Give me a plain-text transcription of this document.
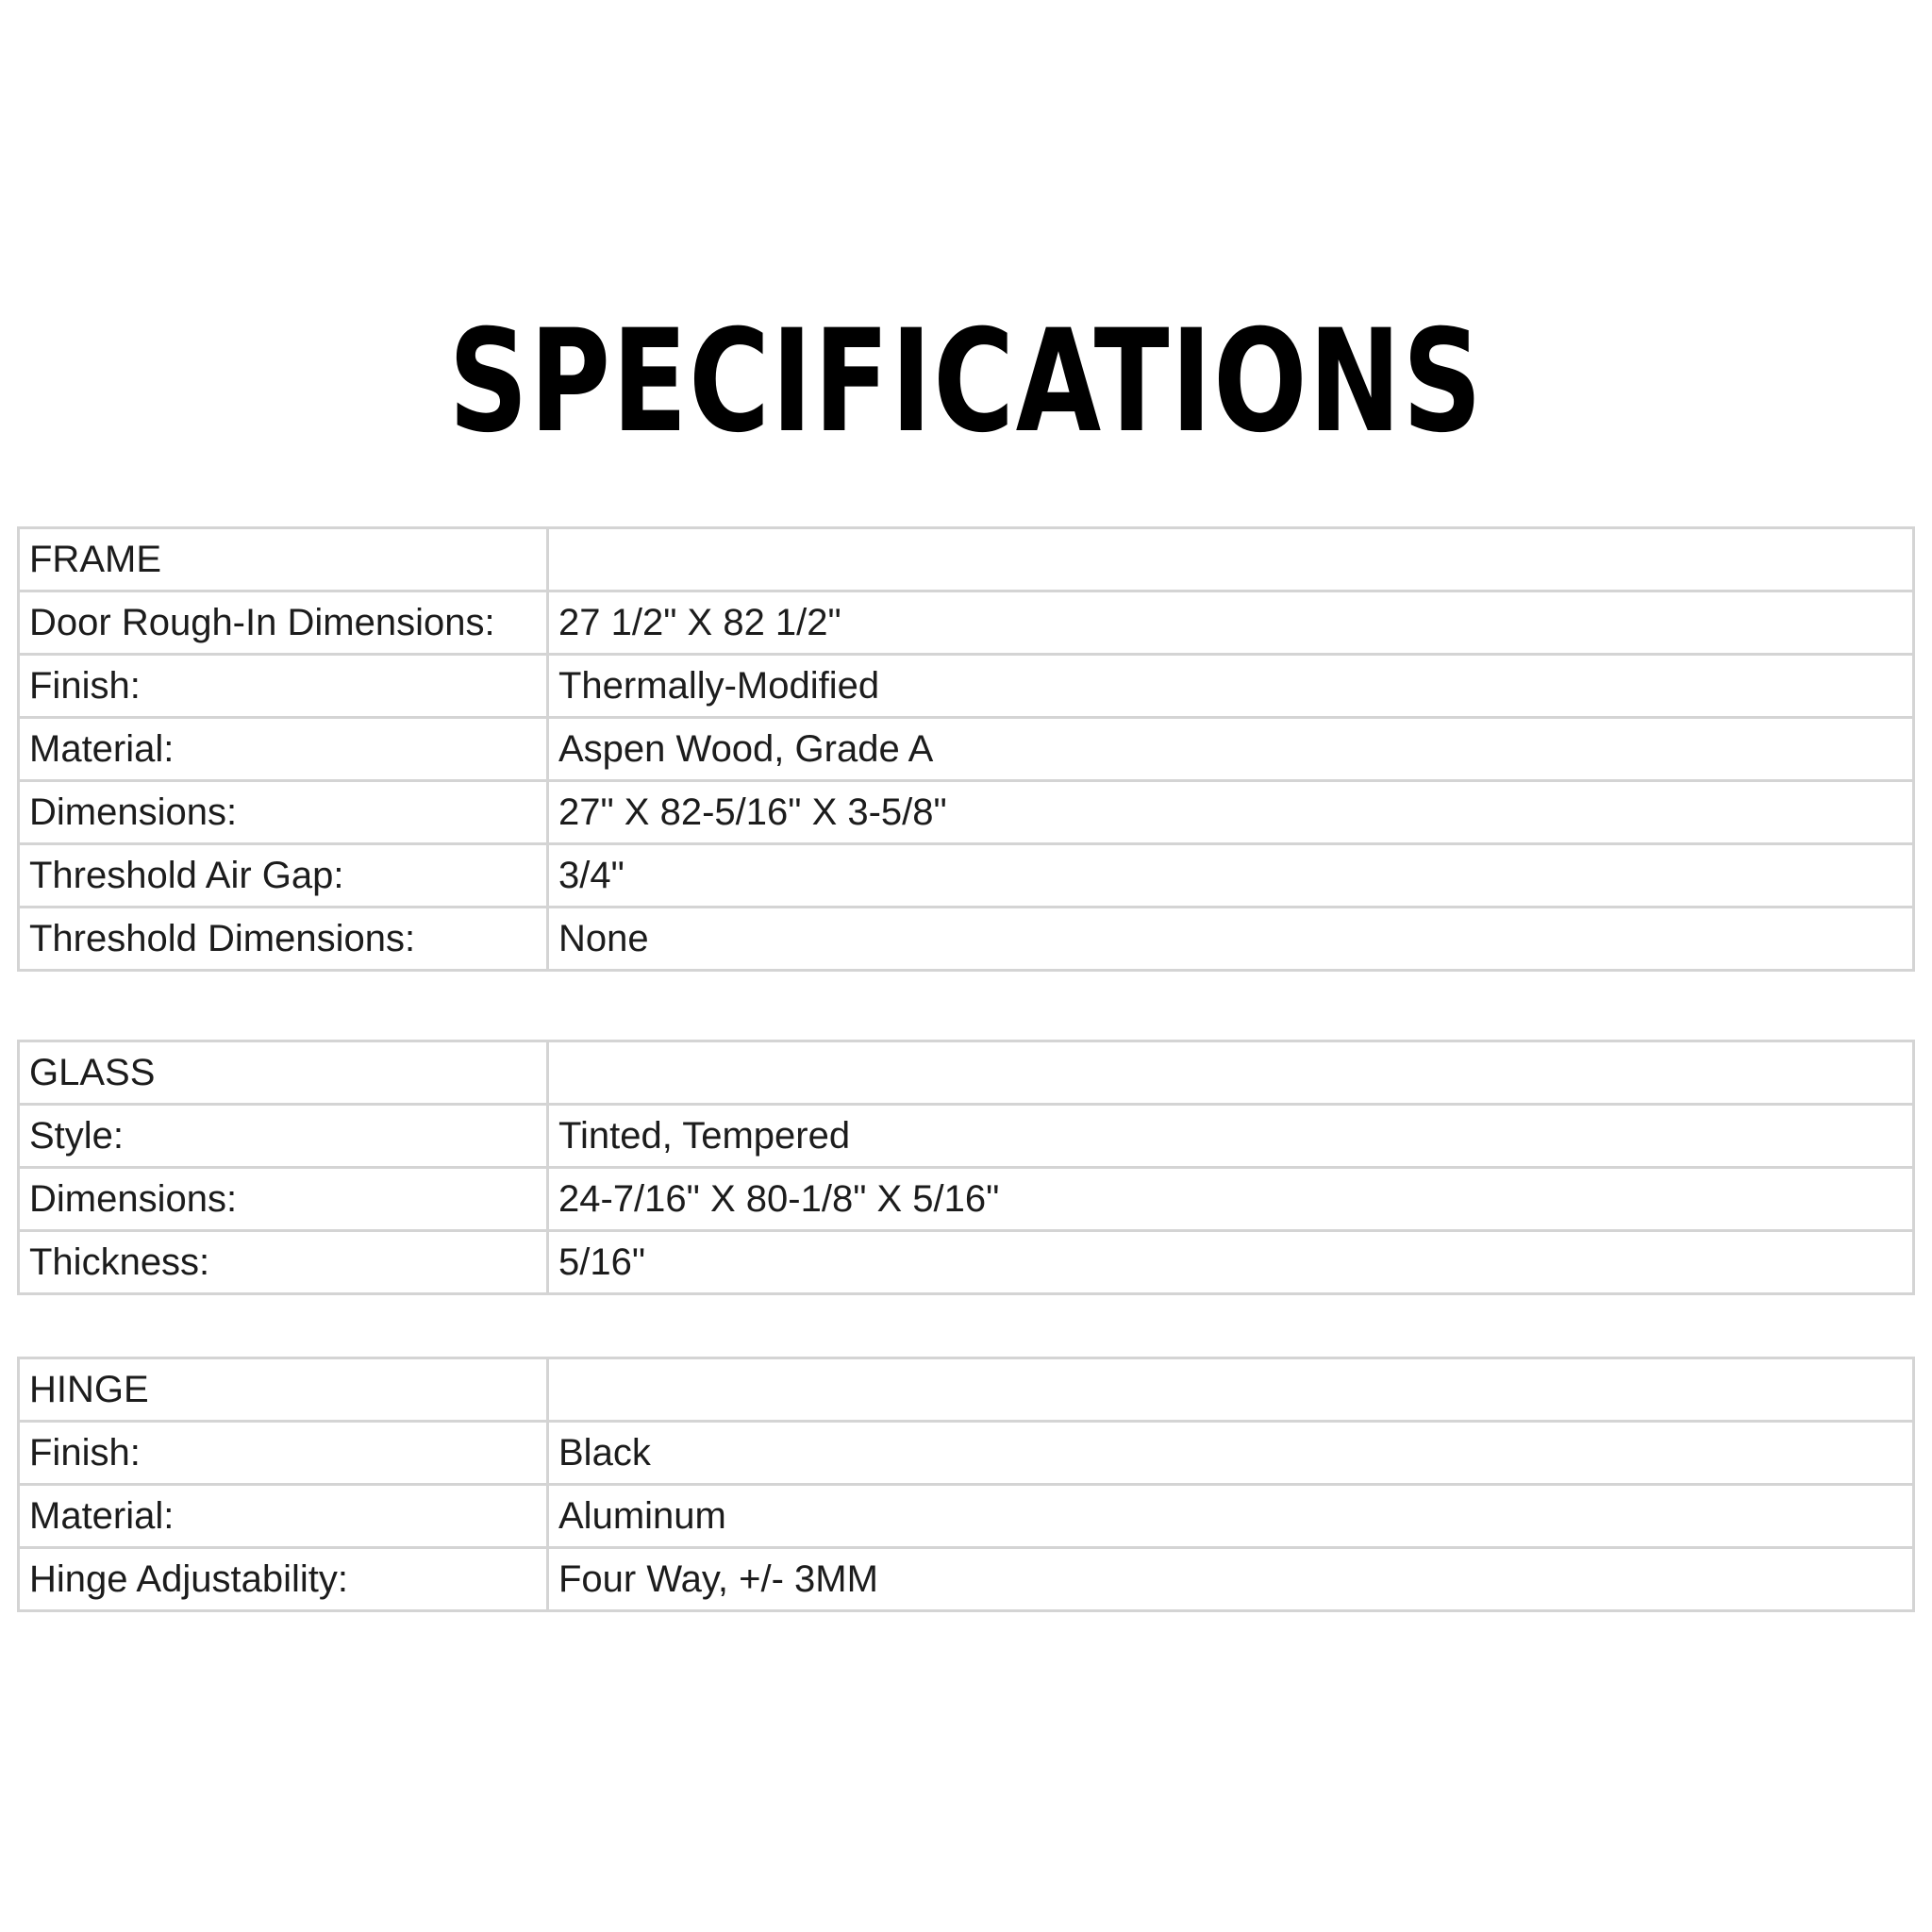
SPECIFICATIONS
FRAME	
Door Rough-In Dimensions:	27 1/2" X 82 1/2"
Finish:	Thermally-Modified
Material:	Aspen Wood, Grade A
Dimensions:	27" X 82-5/16" X 3-5/8"
Threshold Air Gap:	3/4"
Threshold Dimensions:	None
GLASS	
Style:	Tinted, Tempered
Dimensions:	24-7/16" X 80-1/8" X 5/16"
Thickness:	5/16"
HINGE	
Finish:	Black
Material:	Aluminum
Hinge Adjustability:	Four Way, +/- 3MM
